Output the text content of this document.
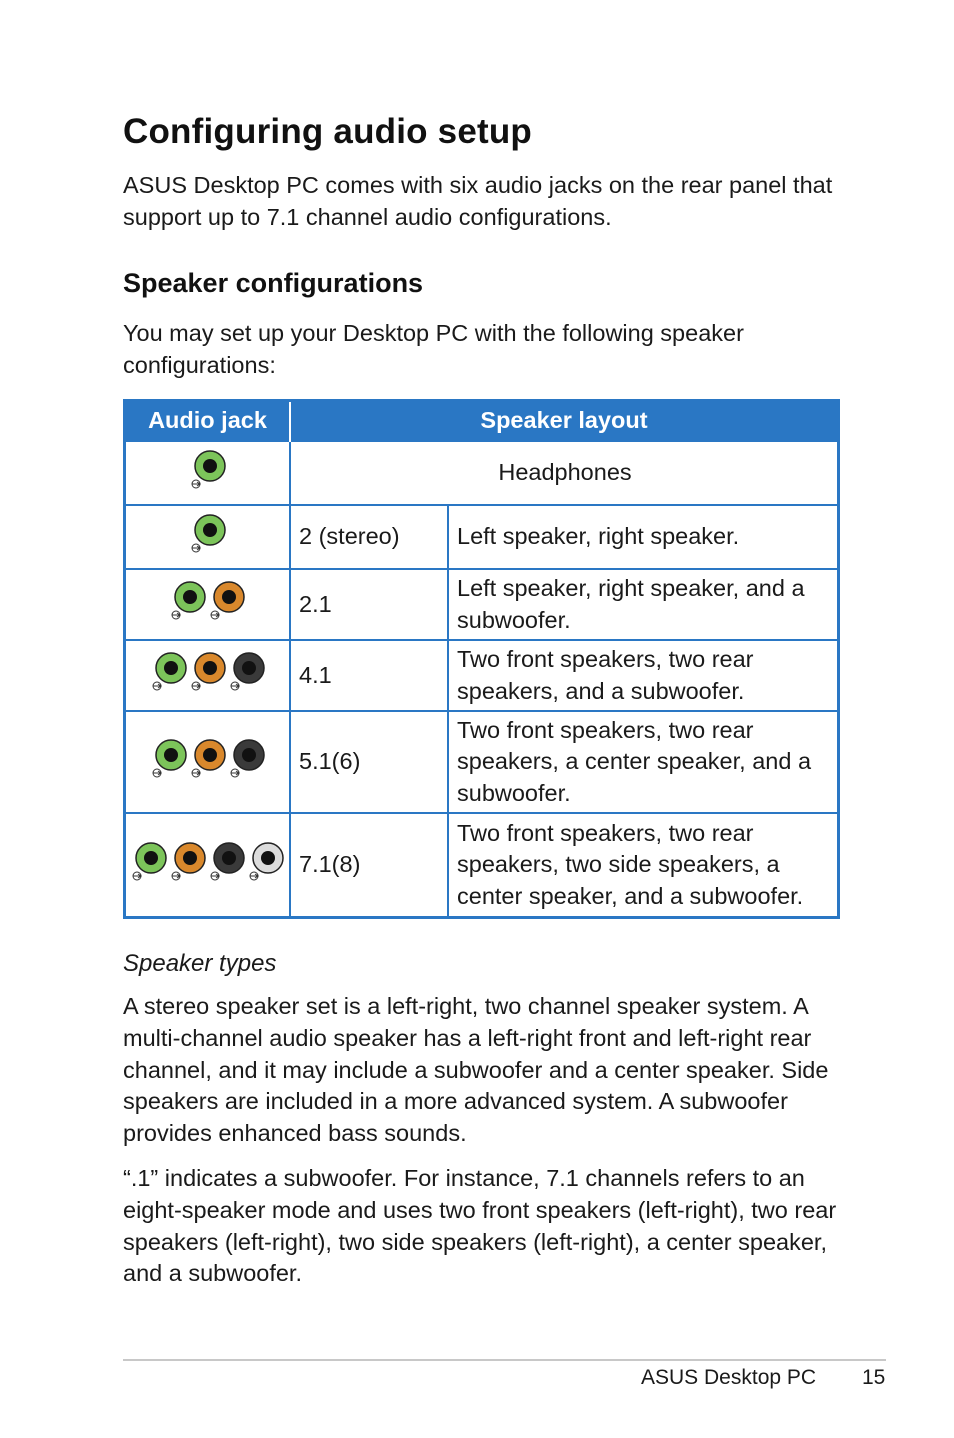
Configuring audio setup

ASUS Desktop PC comes with six audio jacks on the rear panel that support up to 7.1 channel audio configurations.

Speaker configurations

You may set up your Desktop PC with the following speaker configurations:

Audio jack	Speaker layout	

	Headphones	

	2 (stereo)	Left speaker, right speaker.

	2.1	Left speaker, right speaker, and a subwoofer.

	4.1	Two front speakers, two rear speakers, and a subwoofer.

	5.1(6)	Two front speakers, two rear speakers, a center speaker, and a subwoofer.

	7.1(8)	Two front speakers, two rear speakers, two side speakers, a center speaker, and a subwoofer.

Speaker types

A stereo speaker set is a left-right, two channel speaker system. A multi-channel audio speaker has a left-right front and left-right rear channel, and it may include a subwoofer and a center speaker. Side speakers are included in a more advanced system. A subwoofer provides enhanced bass sounds.

“.1” indicates a subwoofer. For instance, 7.1 channels refers to an eight-speaker mode and uses two front speakers (left-right), two rear speakers (left-right), two side speakers (left-right), a center speaker, and a subwoofer.

ASUS Desktop PC 15
